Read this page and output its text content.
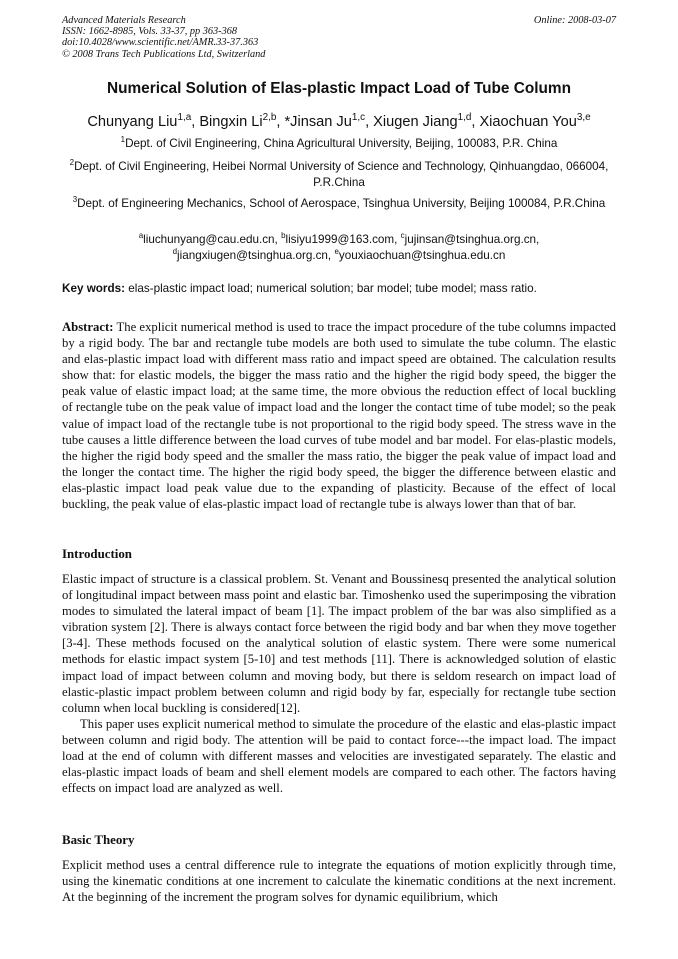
Advanced Materials Research
ISSN: 1662-8985, Vols. 33-37, pp 363-368
doi:10.4028/www.scientific.net/AMR.33-37.363
© 2008 Trans Tech Publications Ltd, Switzerland
Online: 2008-03-07
Numerical Solution of Elas-plastic Impact Load of Tube Column
Chunyang Liu$^{1,a}$, Bingxin Li$^{2,b}$, *Jinsan Ju$^{1,c}$, Xiugen Jiang$^{1,d}$, Xiaochuan You$^{3,e}$
$^1$Dept. of Civil Engineering, China Agricultural University, Beijing, 100083, P.R. China
$^2$Dept. of Civil Engineering, Heibei Normal University of Science and Technology, Qinhuangdao, 066004, P.R.China
$^3$Dept. of Engineering Mechanics, School of Aerospace, Tsinghua University, Beijing 100084, P.R.China
$^a$liuchunyang@cau.edu.cn, $^b$lisiyu1999@163.com, $^c$jujinsan@tsinghua.org.cn,
$^d$jiangxiugen@tsinghua.org.cn, $^e$youxiaochuan@tsinghua.edu.cn
Key words: elas-plastic impact load; numerical solution; bar model; tube model; mass ratio.

Abstract: The explicit numerical method is used to trace the impact procedure of the tube columns impacted by a rigid body. The bar and rectangle tube models are both used to simulate the tube column. The elastic and elas-plastic impact load with different mass ratio and impact speed are obtained. The calculation results show that: for elastic models, the bigger the mass ratio and the higher the rigid body speed, the bigger the peak value of elastic impact load; at the same time, the more obvious the reduction effect of local buckling of rectangle tube on the peak value of impact load and the longer the contact time of tube model; so the peak value of impact load of the rectangle tube is not proportional to the rigid body speed. The stress wave in the tube causes a little difference between the load curves of tube model and bar model. For elas-plastic models, the higher the rigid body speed and the smaller the mass ratio, the bigger the peak value of impact load and the longer the contact time. The higher the rigid body speed, the bigger the difference between elastic and elas-plastic impact load peak value due to the expanding of plasticity. Because of the effect of local buckling, the peak value of elas-plastic impact load of rectangle tube is always lower than that of bar.

Introduction

Elastic impact of structure is a classical problem. St. Venant and Boussinesq presented the analytical solution of longitudinal impact between mass point and elastic bar. Timoshenko used the superimposing the vibration modes to simulated the lateral impact of beam [1]. The impact problem of the bar was also simplified as a vibration system [2]. There is always contact force between the rigid body and bar when they move together [3-4]. These methods focused on the analytical solution of elastic system. There were some numerical methods for elastic impact system [5-10] and test methods [11]. There is acknowledged solution of elastic impact load of impact between column and moving body, but there is seldom research on impact load of elastic-plastic impact problem between column and rigid body by far, especially for rectangle tube section column when local buckling is considered[12].

This paper uses explicit numerical method to simulate the procedure of the elastic and elas-plastic impact between column and rigid body. The attention will be paid to contact force---the impact load. The impact load at the end of column with different masses and velocities are investigated separately. The elastic and elas-plastic impact loads of beam and shell element models are compared to each other. The factors having effects on impact load are analyzed as well.

Basic Theory

Explicit method uses a central difference rule to integrate the equations of motion explicitly through time, using the kinematic conditions at one increment to calculate the kinematic conditions at the next increment. At the beginning of the increment the program solves for dynamic equilibrium, which
